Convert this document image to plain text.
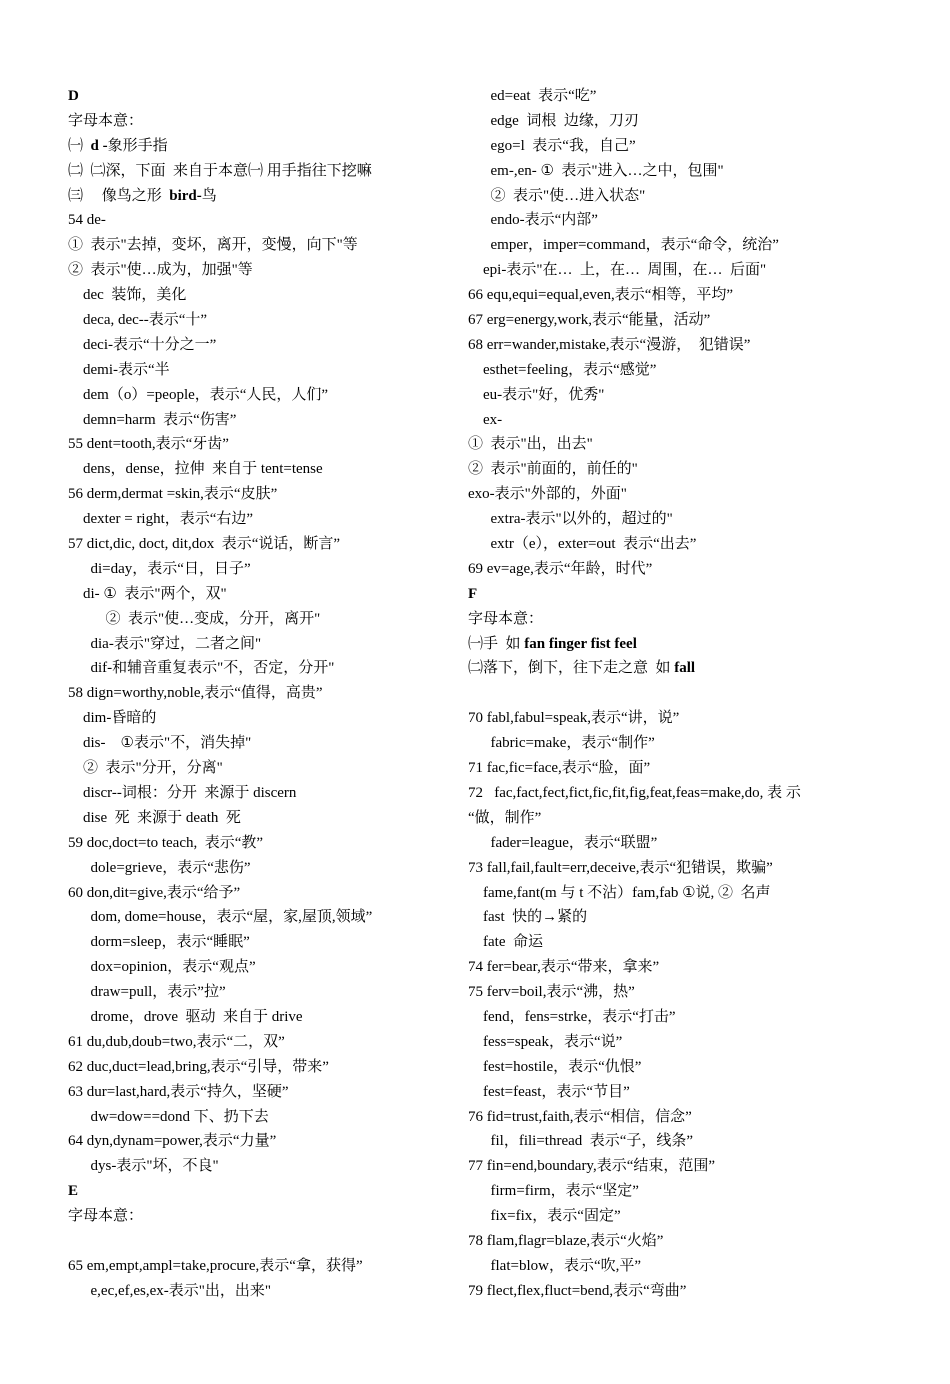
D
字母本意：
㈠  d -象形手指
㈡  ㈡深，下面  来自于本意㈠ 用手指往下挖嘛
㈢     像鸟之形  bird-鸟
54 de-
①  表示"去掉，变坏，离开，变慢，向下"等
②  表示"使…成为，加强"等
dec  装饰，美化
deca, dec--表示“十”
deci-表示“十分之一”
demi-表示“半
dem（o）=people，表示“人民，人们”
demn=harm  表示“伤害”
55 dent=tooth,表示“牙齿”
dens，dense，拉伸  来自于 tent=tense
56 derm,dermat =skin,表示“皮肤”
dexter = right，表示“右边”
57 dict,dic, doct, dit,dox  表示“说话，断言”
di=day，表示“日，日子”
di- ①  表示"两个，双"
②  表示"使…变成，分开，离开"
dia-表示"穿过，二者之间"
dif-和辅音重复表示"不，否定，分开"
58 dign=worthy,noble,表示“值得，高贵”
dim-昏暗的
dis-    ①表示"不，消失掉"
②  表示"分开，分离"
discr--词根：分开  来源于 discern
dise  死  来源于 death  死
59 doc,doct=to teach,  表示“教”
dole=grieve，表示“悲伤”
60 don,dit=give,表示“给予”
dom, dome=house，表示“屋，家,屋顶,领域”
dorm=sleep，表示“睡眠”
dox=opinion，表示“观点”
draw=pull，表示”拉”
drome，drove  驱动  来自于 drive
61 du,dub,doub=two,表示“二，双”
62 duc,duct=lead,bring,表示“引导，带来”
63 dur=last,hard,表示“持久，坚硬”
dw=dow==dond 下、扔下去
64 dyn,dynam=power,表示“力量”
dys-表示"坏，不良"
E
字母本意：
65 em,empt,ampl=take,procure,表示“拿，获得”
e,ec,ef,es,ex-表示"出，出来"
ed=eat  表示“吃”
edge  词根  边缘，刀刃
ego=l  表示“我，自己”
em-,en- ①  表示"进入…之中，包围"
②  表示"使…进入状态"
endo-表示“内部”
emper，imper=command，表示“命令，统治”
epi-表示"在…  上，在…  周围，在…  后面"
66 equ,equi=equal,even,表示“相等，平均”
67 erg=energy,work,表示“能量，活动”
68 err=wander,mistake,表示“漫游，  犯错误”
esthet=feeling，表示“感觉”
eu-表示"好，优秀"
ex-
①  表示"出，出去"
②  表示"前面的，前任的"
exo-表示"外部的，外面"
extra-表示"以外的，超过的"
extr（e），exter=out  表示“出去”
69 ev=age,表示“年龄，时代”
F
字母本意：
㈠手  如 fan finger fist feel
㈡落下，倒下，往下走之意  如 fall
70 fabl,fabul=speak,表示“讲，说”
fabric=make，表示“制作”
71 fac,fic=face,表示“脸，面”
72   fac,fact,fect,fict,fic,fit,fig,feat,feas=make,do, 表 示
“做，制作”
fader=league，表示“联盟”
73 fall,fail,fault=err,deceive,表示“犯错误，欺骗”
fame,fant(m 与 t 不沾）fam,fab ①说, ②  名声
fast  快的→紧的
fate  命运
74 fer=bear,表示“带来，拿来”
75 ferv=boil,表示“沸，热”
fend，fens=strke，表示“打击”
fess=speak，表示“说”
fest=hostile，表示“仇恨”
fest=feast，表示“节目”
76 fid=trust,faith,表示“相信，信念”
fil，fili=thread  表示“子，线条”
77 fin=end,boundary,表示“结束，范围”
firm=firm，表示“坚定”
fix=fix，表示“固定”
78 flam,flagr=blaze,表示“火焰”
flat=blow，表示“吹,平”
79 flect,flex,fluct=bend,表示“弯曲”
